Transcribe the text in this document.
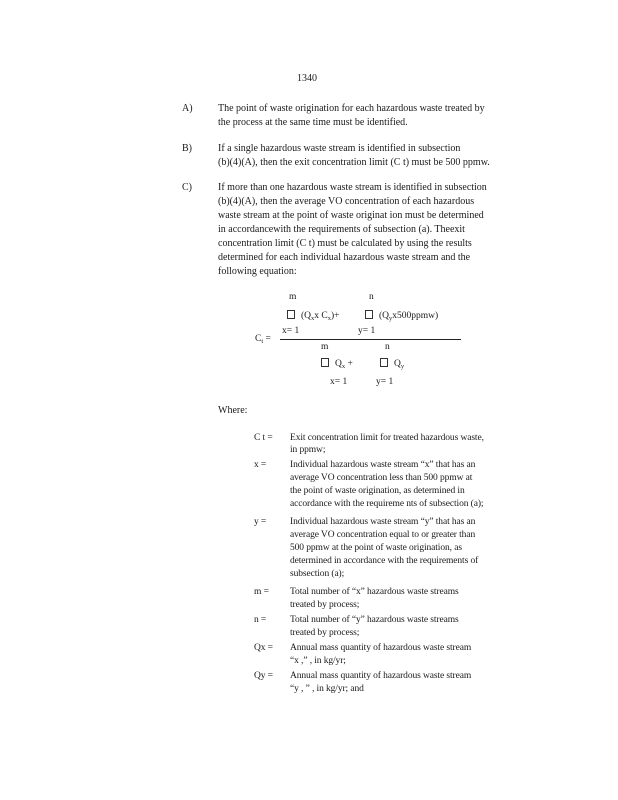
1340
A)	The point of waste origination for each hazardous waste treated by
the process at the same time must be identified.
B)	If a single hazardous waste stream is identified in subsection
(b)(4)(A), then the exit concentration limit (C t) must be 500 ppmw.
C)	If more than one hazardous waste stream is identified in subsection
(b)(4)(A), then the average VO concentration of each hazardous
waste stream at the point of waste originat ion must be determined
in accordancewith the requirements of subsection (a). Theexit
concentration limit (C t) must be calculated by using the results
determined for each individual hazardous waste stream and the
following equation:
m	n
($Q_xx$ $C_x)+$	$(Q_yx500ppmw)$
$C_t$ =
x= 1	y= 1
m	n
$Q_x$ +	$Q_y$
x= 1	y= 1
Where:
C t = Exit concentration limit for treated hazardous waste,
in ppmw;
x =	Individual hazardous waste stream “x” that has an
average VO concentration less than 500 ppmw at
the point of waste origination, as determined in
accordance with the requireme nts of subsection (a);
y =	Individual hazardous waste stream “y” that has an
average VO concentration equal to or greater than
500 ppmw at the point of waste origination, as
determined in accordance with the requirements of
subsection (a);
m = Total number of “x” hazardous waste streams
treated by process;
n =	Total number of “y” hazardous waste streams
treated by process;
Qx = Annual mass quantity of hazardous waste stream
“x ,” , in kg/yr;
Qy = Annual mass quantity of hazardous waste stream
“y , ” , in kg/yr; and
